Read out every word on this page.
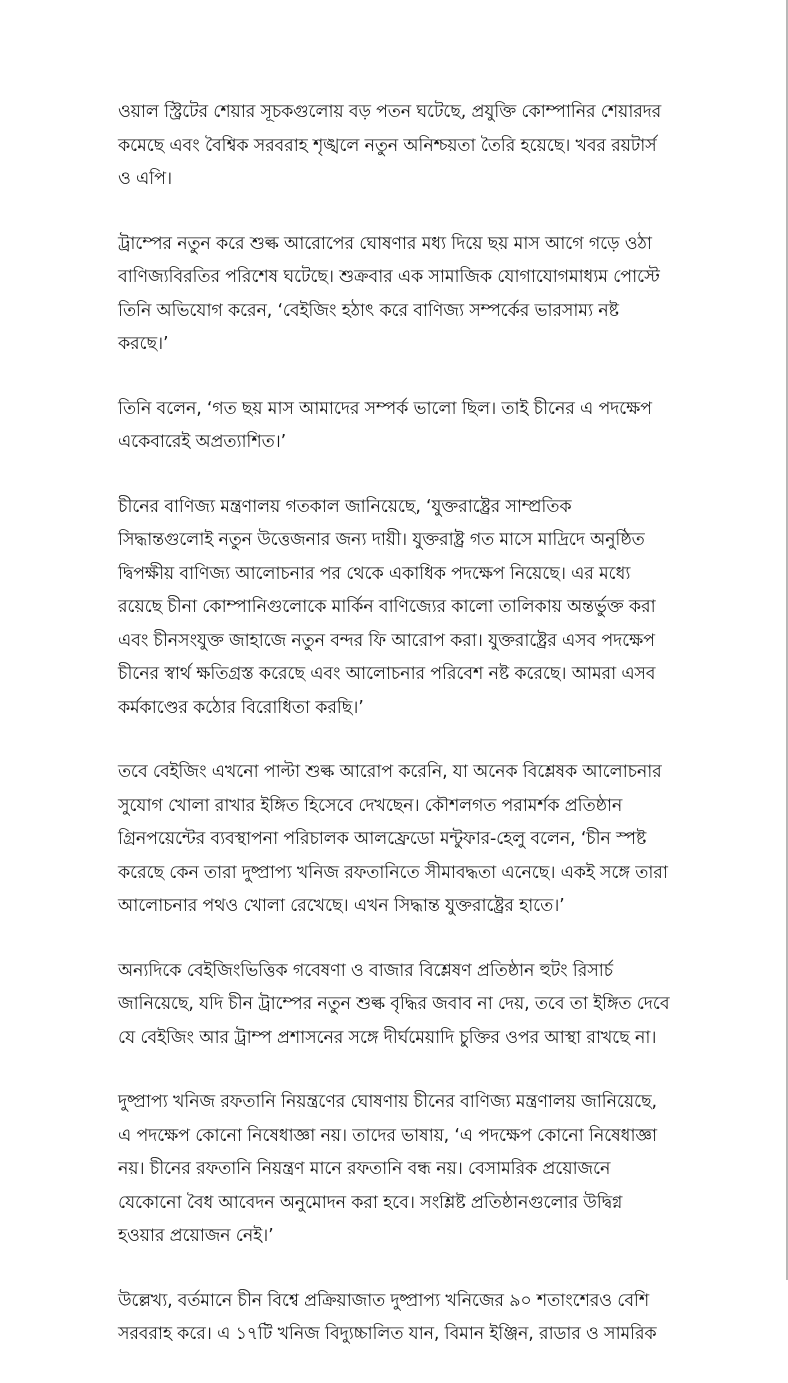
ওয়াল স্ট্রিটের শেয়ার সূচকগুলোয় বড় পতন ঘটেছে, প্রযুক্তি কোম্পানির শেয়ারদর কমেছে এবং বৈশ্বিক সরবরাহ শৃঙ্খলে নতুন অনিশ্চয়তা তৈরি হয়েছে। খবর রয়টার্স ও এপি।

ট্রাম্পের নতুন করে শুল্ক আরোপের ঘোষণার মধ্য দিয়ে ছয় মাস আগে গড়ে ওঠা বাণিজ্যবিরতির পরিশেষ ঘটেছে। শুক্রবার এক সামাজিক যোগাযোগমাধ্যম পোস্টে তিনি অভিযোগ করেন, ‘বেইজিং হঠাৎ করে বাণিজ্য সম্পর্কের ভারসাম্য নষ্ট করছে।’

তিনি বলেন, ‘গত ছয় মাস আমাদের সম্পর্ক ভালো ছিল। তাই চীনের এ পদক্ষেপ একেবারেই অপ্রত্যাশিত।’

চীনের বাণিজ্য মন্ত্রণালয় গতকাল জানিয়েছে, ‘যুক্তরাষ্ট্রের সাম্প্রতিক সিদ্ধান্তগুলোই নতুন উত্তেজনার জন্য দায়ী। যুক্তরাষ্ট্র গত মাসে মাদ্রিদে অনুষ্ঠিত দ্বিপক্ষীয় বাণিজ্য আলোচনার পর থেকে একাধিক পদক্ষেপ নিয়েছে। এর মধ্যে রয়েছে চীনা কোম্পানিগুলোকে মার্কিন বাণিজ্যের কালো তালিকায় অন্তর্ভুক্ত করা এবং চীনসংযুক্ত জাহাজে নতুন বন্দর ফি আরোপ করা। যুক্তরাষ্ট্রের এসব পদক্ষেপ চীনের স্বার্থ ক্ষতিগ্রস্ত করেছে এবং আলোচনার পরিবেশ নষ্ট করেছে। আমরা এসব কর্মকাণ্ডের কঠোর বিরোধিতা করছি।’

তবে বেইজিং এখনো পাল্টা শুল্ক আরোপ করেনি, যা অনেক বিশ্লেষক আলোচনার সুযোগ খোলা রাখার ইঙ্গিত হিসেবে দেখছেন। কৌশলগত পরামর্শক প্রতিষ্ঠান গ্রিনপয়েন্টের ব্যবস্থাপনা পরিচালক আলফ্রেডো মন্টুফার-হেলু বলেন, ‘চীন স্পষ্ট করেছে কেন তারা দুষ্প্রাপ্য খনিজ রফতানিতে সীমাবদ্ধতা এনেছে। একই সঙ্গে তারা আলোচনার পথও খোলা রেখেছে। এখন সিদ্ধান্ত যুক্তরাষ্ট্রের হাতে।’

অন্যদিকে বেইজিংভিত্তিক গবেষণা ও বাজার বিশ্লেষণ প্রতিষ্ঠান হুটং রিসার্চ জানিয়েছে, যদি চীন ট্রাম্পের নতুন শুল্ক বৃদ্ধির জবাব না দেয়, তবে তা ইঙ্গিত দেবে যে বেইজিং আর ট্রাম্প প্রশাসনের সঙ্গে দীর্ঘমেয়াদি চুক্তির ওপর আস্থা রাখছে না।

দুষ্প্রাপ্য খনিজ রফতানি নিয়ন্ত্রণের ঘোষণায় চীনের বাণিজ্য মন্ত্রণালয় জানিয়েছে, এ পদক্ষেপ কোনো নিষেধাজ্ঞা নয়। তাদের ভাষায়, ‘এ পদক্ষেপ কোনো নিষেধাজ্ঞা নয়। চীনের রফতানি নিয়ন্ত্রণ মানে রফতানি বন্ধ নয়। বেসামরিক প্রয়োজনে যেকোনো বৈধ আবেদন অনুমোদন করা হবে। সংশ্লিষ্ট প্রতিষ্ঠানগুলোর উদ্বিগ্ন হওয়ার প্রয়োজন নেই।’

উল্লেখ্য, বর্তমানে চীন বিশ্বে প্রক্রিয়াজাত দুষ্প্রাপ্য খনিজের ৯০ শতাংশেরও বেশি সরবরাহ করে। এ ১৭টি খনিজ বিদ্যুচ্চালিত যান, বিমান ইঞ্জিন, রাডার ও সামরিক
